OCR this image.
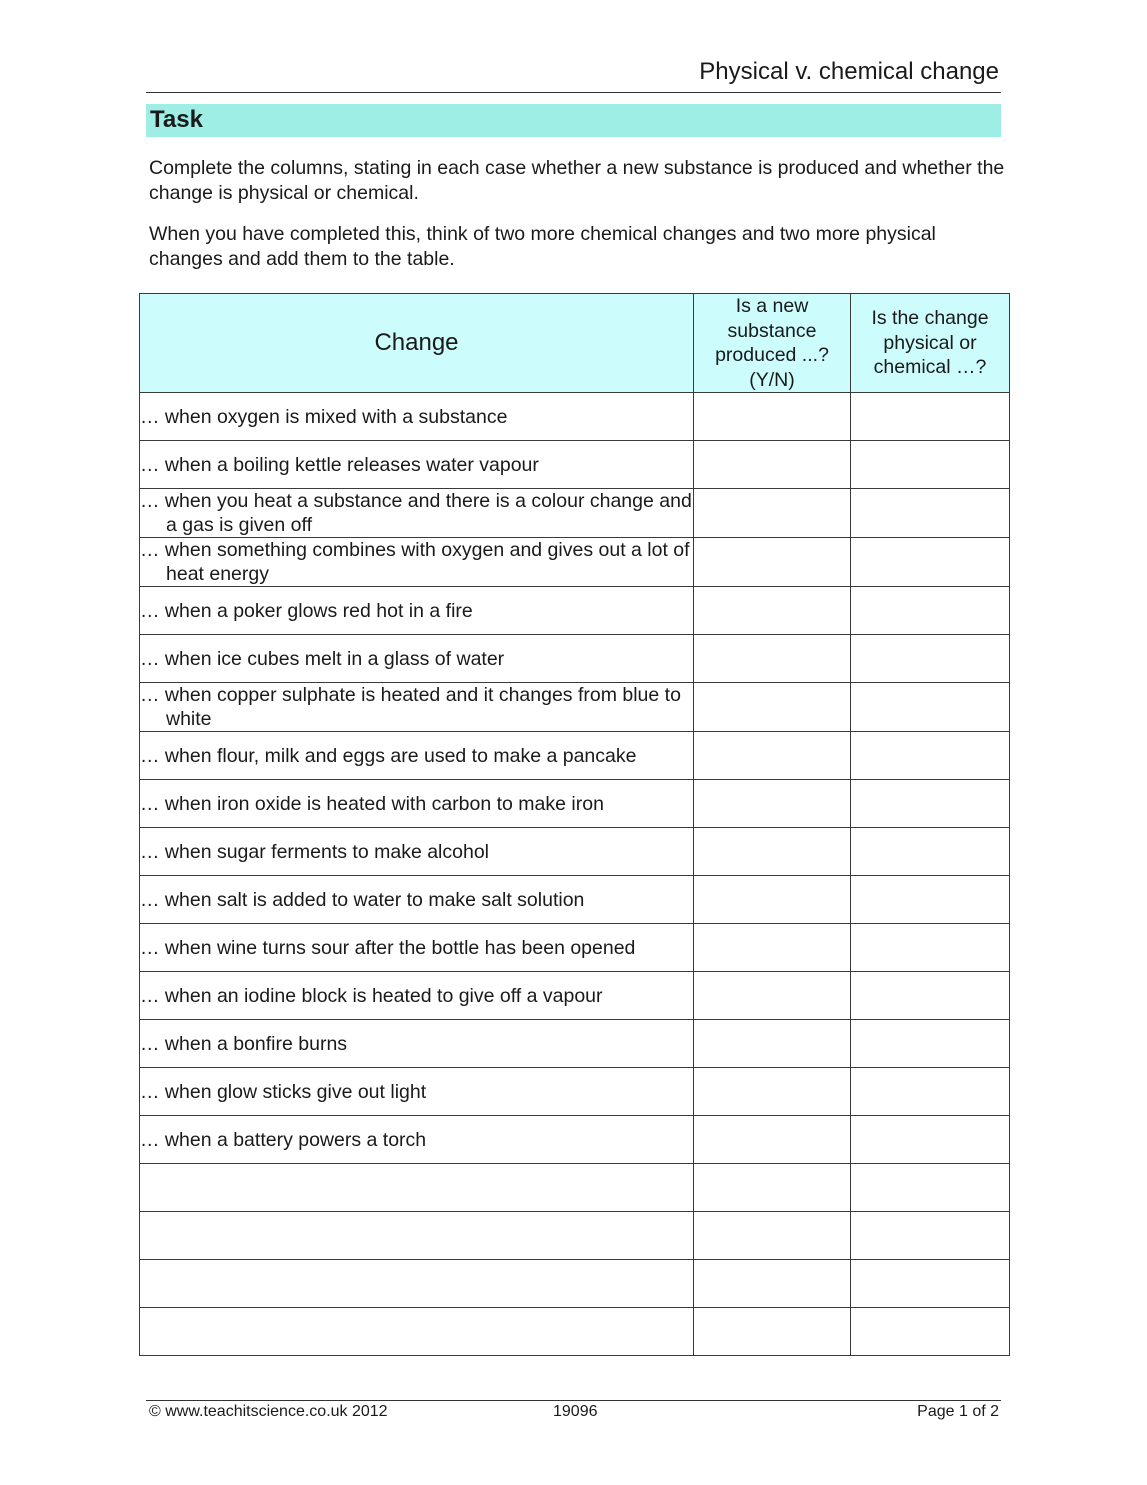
Physical v. chemical change
Task
Complete the columns, stating in each case whether a new substance is produced and whether the change is physical or chemical.
When you have completed this, think of two more chemical changes and two more physical changes and add them to the table.
Change	Is a new substance produced ...? (Y/N)	Is the change physical or chemical …?

… when oxygen is mixed with a substance		

… when a boiling kettle releases water vapour		

… when you heat a substance and there is a colour change and a gas is given off		

… when something combines with oxygen and gives out a lot of heat energy		

… when a poker glows red hot in a fire		

… when ice cubes melt in a glass of water		

… when copper sulphate is heated and it changes from blue to white		

… when flour, milk and eggs are used to make a pancake		

… when iron oxide is heated with carbon to make iron		

… when sugar ferments to make alcohol		

… when salt is added to water to make salt solution		

… when wine turns sour after the bottle has been opened		

… when an iodine block is heated to give off a vapour		

… when a bonfire burns		

… when glow sticks give out light		

… when a battery powers a torch		

© www.teachitscience.co.uk 2012	19096	Page 1 of 2
